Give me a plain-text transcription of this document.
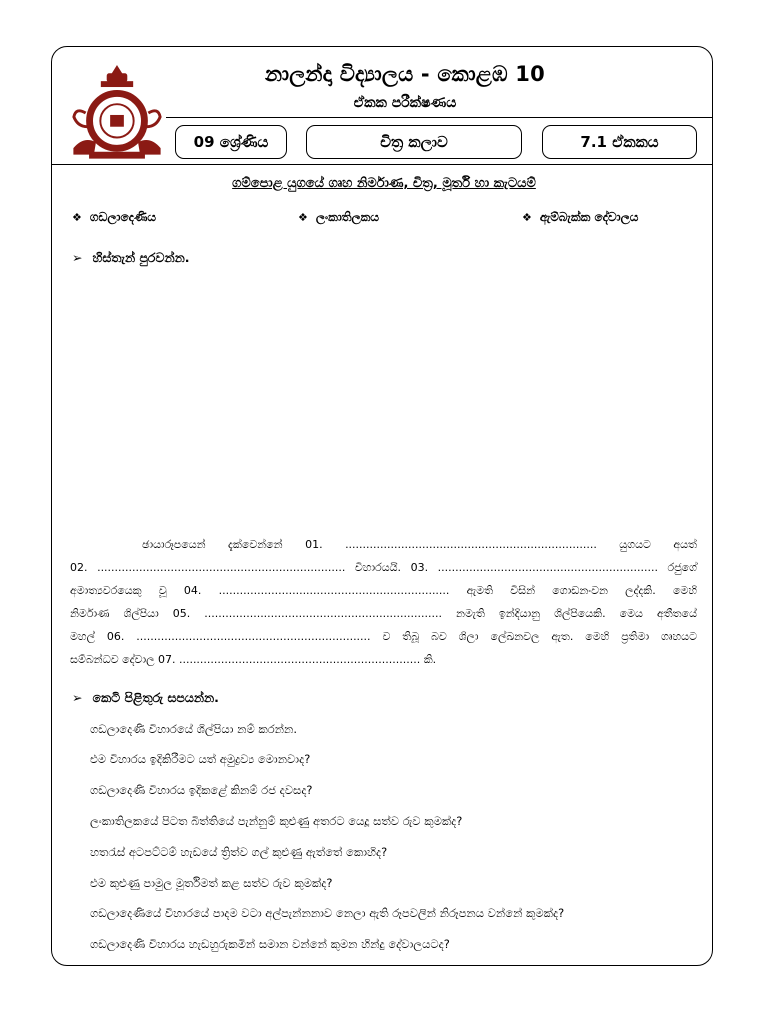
නාලන්දා විද්‍යාලය - කොළඹ 10
ඒකක පරීක්ෂණය
09 ශ්‍රේණිය	චිත්‍ර කලාව	7.1 ඒකකය
ගම්පොළ යුගයේ ගෘහ නිර්මාණ, චිත්‍ර, මූර්ති හා කැටයම්
❖ ගඩලාදෙණිය	❖ ලංකාතිලකය	❖ ඇම්බැක්ක දේවාලය
➢ හිස්තැන් පුරවන්න.
ඡායාරූපයෙන් දැක්වෙන්නේ 01. ........................................................................ යුගයට අයත්
02. ....................................................................... විහාරයයි. 03. ............................................................... රජුගේ
අමාත්‍යවරයෙකු වූ 04. .................................................................. ඇමති විසින් ගොඩනංවන ලද්දකි. මෙහි
නිර්මාණ ශිල්පියා 05. .................................................................... නමැති ඉන්දියානු ශිල්පියෙකි. මෙය අතීතයේ
මහල් 06. ................................................................... ව තිබූ බව ශිලා ලේඛනවල ඇත. මෙහි ප්‍රතිමා ගෘහයට
සම්බන්ධව දේවාල 07. ..................................................................... කි.
➢ කෙටි පිළිතුරු සපයන්න.
ගඩලාදෙණි විහාරයේ ශිල්පියා නම් කරන්න.
එම විහාරය ඉදිකිරීමට යත් අමුද්‍රව්‍ය මොනවාද?
ගඩලාදෙණි විහාරය ඉදිකළේ කිනම් රජ දවසද?
ලංකාතිලකයේ පිටත බිත්තියේ පැන්නුම් කුළුණු අතරට යෙදූ සත්ව රුව කුමක්ද?
හතරැස් අටපට්ටම් හැඩයේ ත්‍රිත්ව ගල් කුළුණු ඇත්තේ කොහිද?
එම කුළුණු පාමුල මූර්තිමත් කළ සත්ව රුව කුමක්ද?
ගඩලාදෙණියේ විහාරයේ පාදම වටා අල්පැන්නනාව නෙලා ඇති රූපවලින් නිරූපනය වන්නේ කුමක්ද?
ගඩලාදෙණි විහාරය හැඩහුරුකමින් සමාන වන්නේ කුමන හින්දු දේවාලයටද?
